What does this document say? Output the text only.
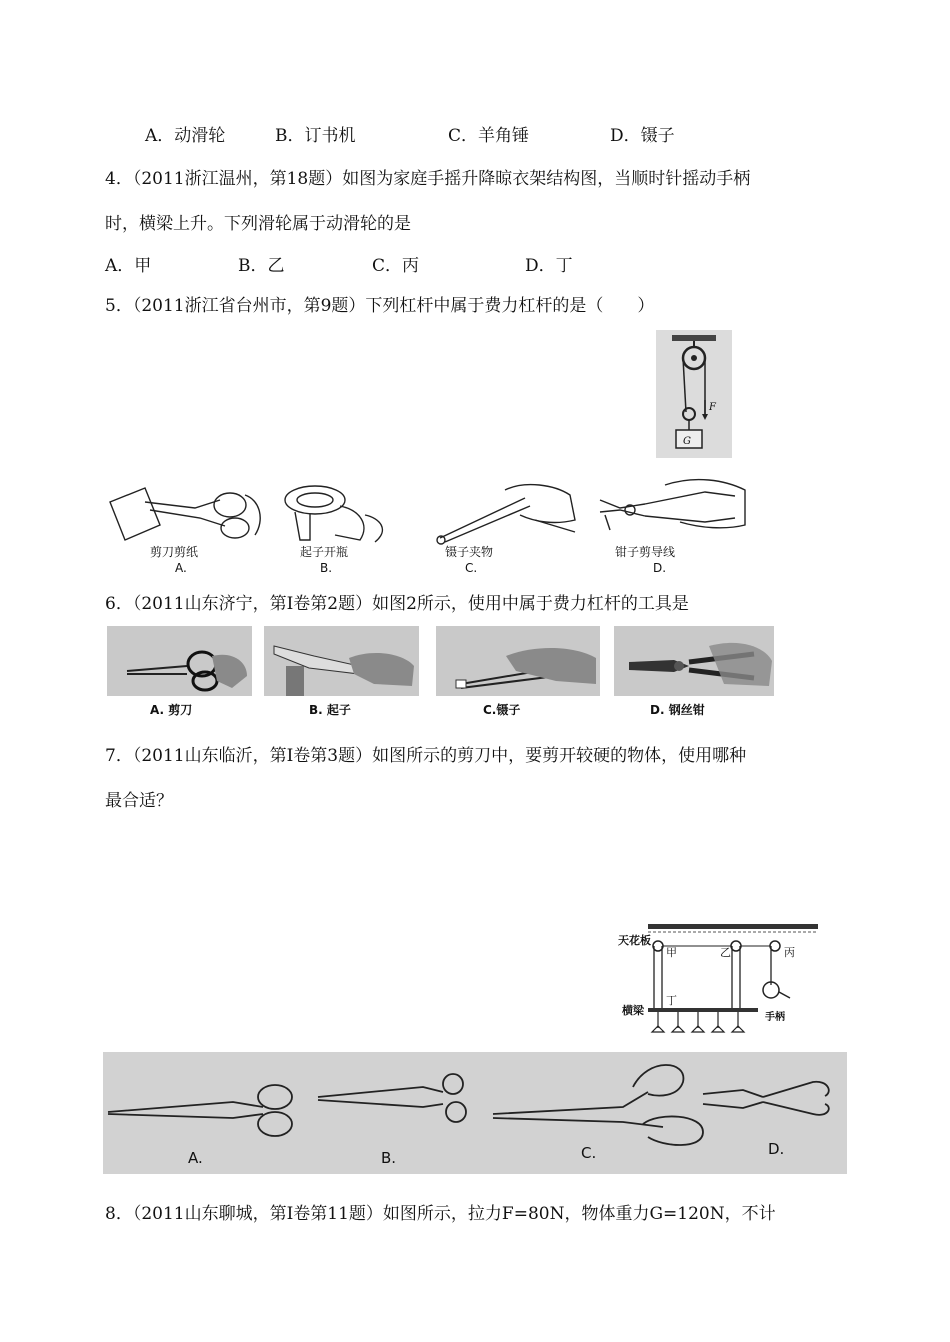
A．动滑轮	B．订书机	C．羊角锤	D．镊子
4．（2011浙江温州，第18题）如图为家庭手摇升降晾衣架结构图，当顺时针摇动手柄
时，横梁上升。下列滑轮属于动滑轮的是
A．甲	B．乙	C．丙	D．丁
5．（2011浙江省台州市，第9题）下列杠杆中属于费力杠杆的是（　　）
G
F
剪刀剪纸
A.
起子开瓶
B.
镊子夹物
C.
钳子剪导线
D.
6．（2011山东济宁，第Ⅰ卷第2题）如图2所示，使用中属于费力杠杆的工具是
A. 剪刀	B. 起子	C.镊子	D. 钢丝钳
7．（2011山东临沂，第Ⅰ卷第3题）如图所示的剪刀中，要剪开较硬的物体，使用哪种
最合适？
天花板
甲	乙	丙
手柄
横梁
丁
A.	B.	C.	D.
8．（2011山东聊城，第Ⅰ卷第11题）如图所示，拉力F=80N，物体重力G=120N，不计
